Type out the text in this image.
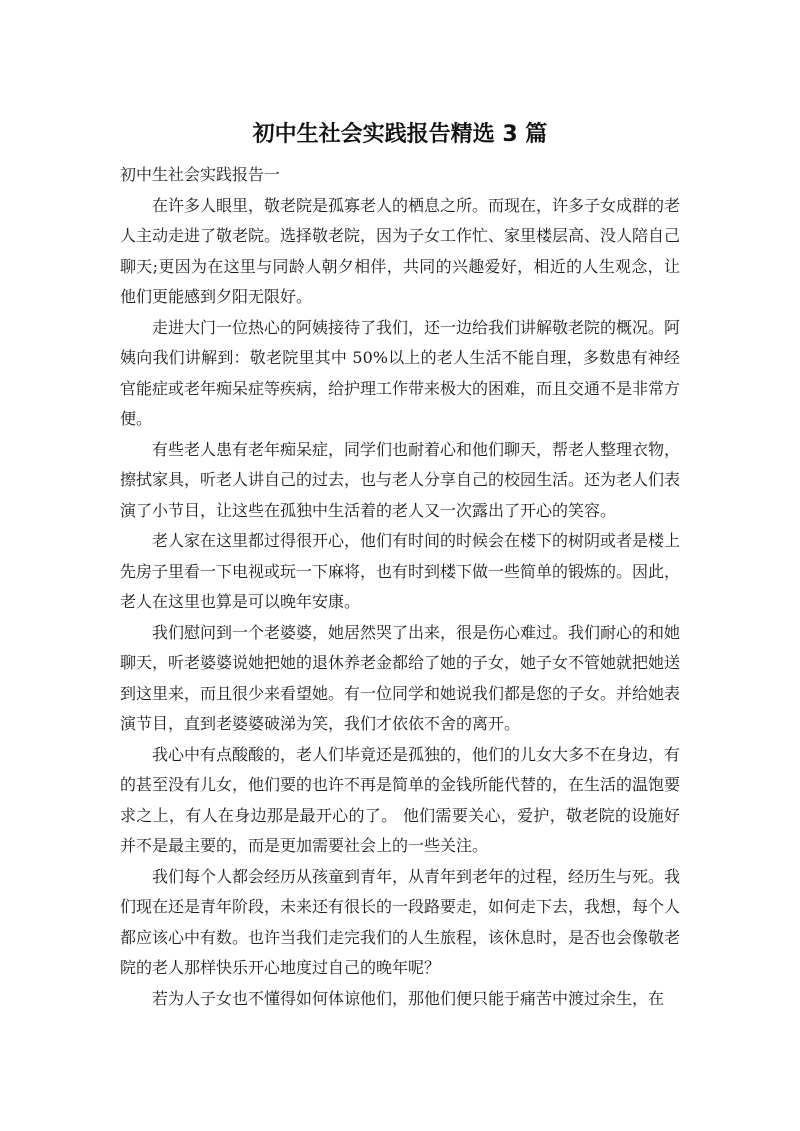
初中生社会实践报告精选 3 篇

初中生社会实践报告一

在许多人眼里，敬老院是孤寡老人的栖息之所。而现在，许多子女成群的老人主动走进了敬老院。选择敬老院，因为子女工作忙、家里楼层高、没人陪自己聊天;更因为在这里与同龄人朝夕相伴，共同的兴趣爱好，相近的人生观念，让他们更能感到夕阳无限好。

走进大门一位热心的阿姨接待了我们，还一边给我们讲解敬老院的概况。阿姨向我们讲解到：敬老院里其中 50%以上的老人生活不能自理，多数患有神经官能症或老年痴呆症等疾病，给护理工作带来极大的困难，而且交通不是非常方便。

有些老人患有老年痴呆症，同学们也耐着心和他们聊天，帮老人整理衣物，擦拭家具，听老人讲自己的过去，也与老人分享自己的校园生活。还为老人们表演了小节目，让这些在孤独中生活着的老人又一次露出了开心的笑容。

老人家在这里都过得很开心，他们有时间的时候会在楼下的树阴或者是楼上先房子里看一下电视或玩一下麻将，也有时到楼下做一些简单的锻炼的。因此，老人在这里也算是可以晚年安康。

我们慰问到一个老婆婆，她居然哭了出来，很是伤心难过。我们耐心的和她聊天，听老婆婆说她把她的退休养老金都给了她的子女，她子女不管她就把她送到这里来，而且很少来看望她。有一位同学和她说我们都是您的子女。并给她表演节目，直到老婆婆破涕为笑，我们才依依不舍的离开。

我心中有点酸酸的，老人们毕竟还是孤独的，他们的儿女大多不在身边，有的甚至没有儿女，他们要的也许不再是简单的金钱所能代替的，在生活的温饱要求之上，有人在身边那是最开心的了。 他们需要关心，爱护，敬老院的设施好并不是最主要的，而是更加需要社会上的一些关注。

我们每个人都会经历从孩童到青年，从青年到老年的过程，经历生与死。我们现在还是青年阶段，未来还有很长的一段路要走，如何走下去，我想，每个人都应该心中有数。也许当我们走完我们的人生旅程，该休息时，是否也会像敬老院的老人那样快乐开心地度过自己的晚年呢？

若为人子女也不懂得如何体谅他们，那他们便只能于痛苦中渡过余生，在
